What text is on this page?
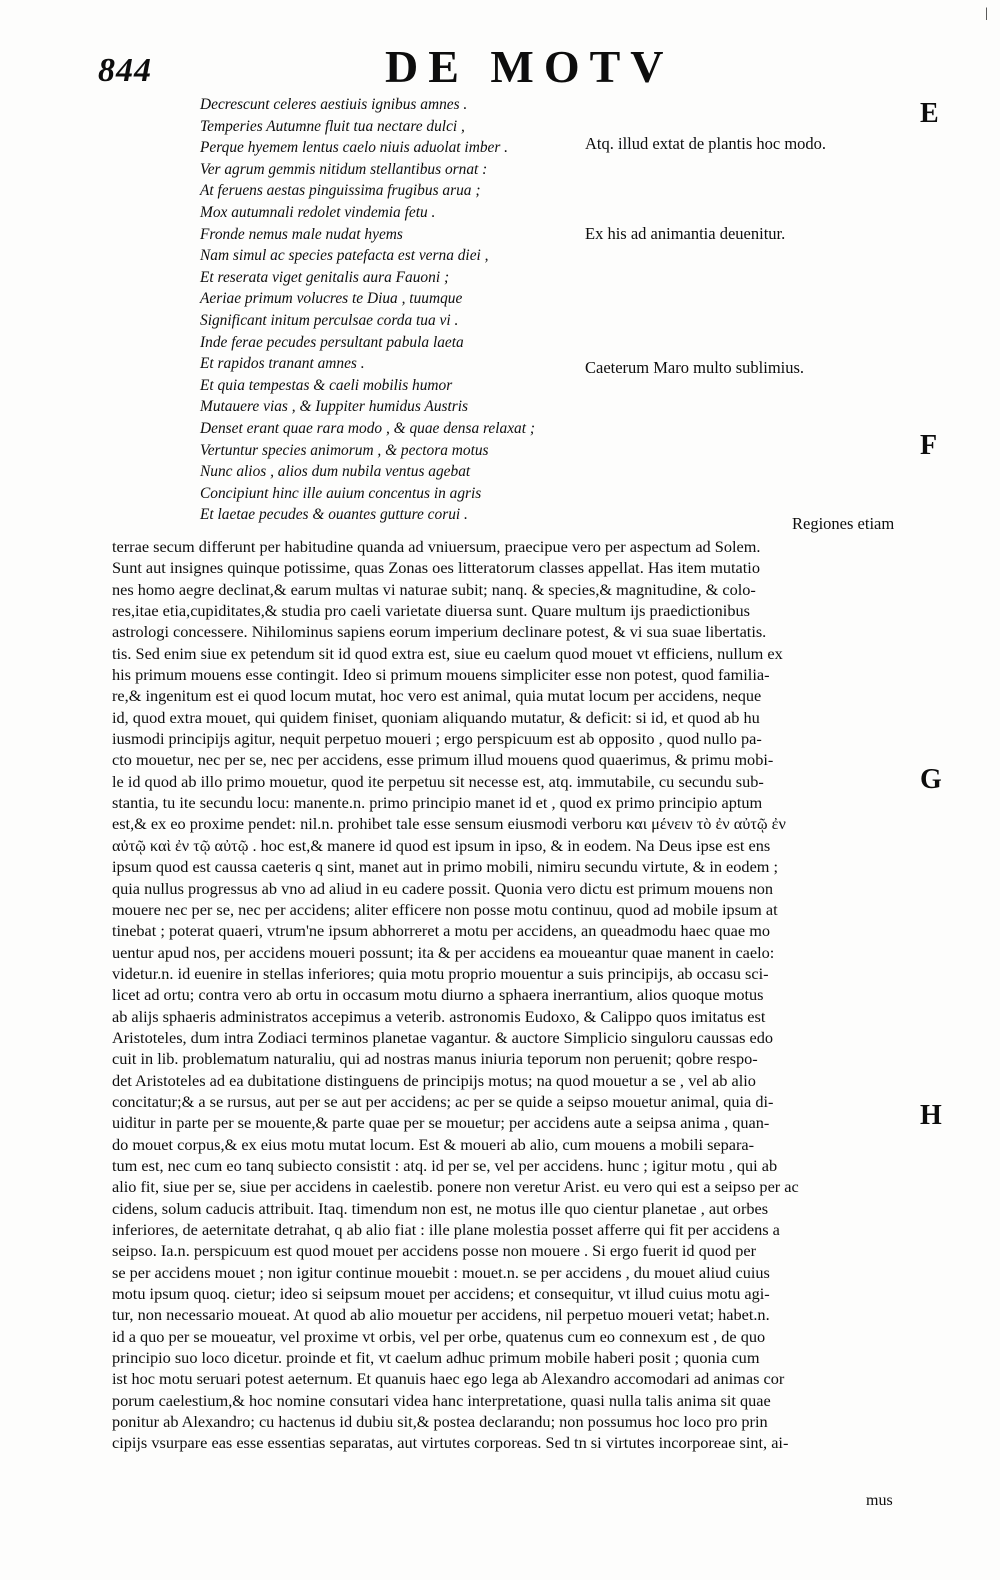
|
844	DE MOTV
Decrescunt celeres aestiuis ignibus amnes .
Temperies Autumne fluit tua nectare dulci ,
Perque hyemem lentus caelo niuis aduolat imber .
Ver agrum gemmis nitidum stellantibus ornat :
At feruens aestas pinguissima frugibus arua ;
Mox autumnali redolet vindemia fetu .
Fronde nemus male nudat hyems
Nam simul ac species patefacta est verna diei ,
Et reserata viget genitalis aura Fauoni ;
Aeriae primum volucres te Diua , tuumque
Significant initum perculsae corda tua vi .
Inde ferae pecudes persultant pabula laeta
Et rapidos tranant amnes .
Et quia tempestas & caeli mobilis humor
Mutauere vias , & Iuppiter humidus Austris
Denset erant quae rara modo , & quae densa relaxat ;
Vertuntur species animorum , & pectora motus
Nunc alios , alios dum nubila ventus agebat
Concipiunt hinc ille auium concentus in agris
Et laetae pecudes & ouantes gutture corui .
Atq. illud extat de plantis hoc modo.
Ex his ad animantia deuenitur.
Caeterum Maro multo sublimius.
E
F
G
H
Regiones etiam
terrae secum differunt per habitudine quanda ad vniuersum, praecipue vero per aspectum ad Solem.
Sunt aut insignes quinque potissime, quas Zonas oes litteratorum classes appellat. Has item mutatio
nes homo aegre declinat,& earum multas vi naturae subit; nanq. & species,& magnitudine, & colo-
res,itae etia,cupiditates,& studia pro caeli varietate diuersa sunt. Quare multum ijs praedictionibus
astrologi concessere. Nihilominus sapiens eorum imperium declinare potest, & vi sua suae libertatis.
tis. Sed enim siue ex petendum sit id quod extra est, siue eu caelum quod mouet vt efficiens, nullum ex
his primum mouens esse contingit. Ideo si primum mouens simpliciter esse non potest, quod familia-
re,& ingenitum est ei quod locum mutat, hoc vero est animal, quia mutat locum per accidens, neque
id, quod extra mouet, qui quidem finiset, quoniam aliquando mutatur, & deficit: si id, et quod ab hu
iusmodi principijs agitur, nequit perpetuo moueri ; ergo perspicuum est ab opposito , quod nullo pa-
cto mouetur, nec per se, nec per accidens, esse primum illud mouens quod quaerimus, & primu mobi-
le id quod ab illo primo mouetur, quod ite perpetuu sit necesse est, atq. immutabile, cu secundu sub-
stantia, tu ite secundu locu: manente.n. primo principio manet id et , quod ex primo principio aptum
est,& ex eo proxime pendet: nil.n. prohibet tale esse sensum eiusmodi verboru και μένειν τὸ ἐν αὐτῷ ἐν
αὐτῷ καὶ ἐν τῷ αὐτῷ . hoc est,& manere id quod est ipsum in ipso, & in eodem. Na Deus ipse est ens
ipsum quod est caussa caeteris q sint, manet aut in primo mobili, nimiru secundu virtute, & in eodem ;
quia nullus progressus ab vno ad aliud in eu cadere possit. Quonia vero dictu est primum mouens non
mouere nec per se, nec per accidens; aliter efficere non posse motu continuu, quod ad mobile ipsum at
tinebat ; poterat quaeri, vtrum'ne ipsum abhorreret a motu per accidens, an queadmodu haec quae mo
uentur apud nos, per accidens moueri possunt; ita & per accidens ea moueantur quae manent in caelo:
videtur.n. id euenire in stellas inferiores; quia motu proprio mouentur a suis principijs, ab occasu sci-
licet ad ortu; contra vero ab ortu in occasum motu diurno a sphaera inerrantium, alios quoque motus
ab alijs sphaeris administratos accepimus a veterib. astronomis Eudoxo, & Calippo quos imitatus est
Aristoteles, dum intra Zodiaci terminos planetae vagantur. & auctore Simplicio singuloru caussas edo
cuit in lib. problematum naturaliu, qui ad nostras manus iniuria teporum non peruenit; qobre respo-
det Aristoteles ad ea dubitatione distinguens de principijs motus; na quod mouetur a se , vel ab alio
concitatur;& a se rursus, aut per se aut per accidens; ac per se quide a seipso mouetur animal, quia di-
uiditur in parte per se mouente,& parte quae per se mouetur; per accidens aute a seipsa anima , quan-
do mouet corpus,& ex eius motu mutat locum. Est & moueri ab alio, cum mouens a mobili separa-
tum est, nec cum eo tanq subiecto consistit : atq. id per se, vel per accidens. hunc ; igitur motu , qui ab
alio fit, siue per se, siue per accidens in caelestib. ponere non veretur Arist. eu vero qui est a seipso per ac
cidens, solum caducis attribuit. Itaq. timendum non est, ne motus ille quo cientur planetae , aut orbes
inferiores, de aeternitate detrahat, q ab alio fiat : ille plane molestia posset afferre qui fit per accidens a
seipso. Ia.n. perspicuum est quod mouet per accidens posse non mouere . Si ergo fuerit id quod per
se per accidens mouet ; non igitur continue mouebit : mouet.n. se per accidens , du mouet aliud cuius
motu ipsum quoq. cietur; ideo si seipsum mouet per accidens; et consequitur, vt illud cuius motu agi-
tur, non necessario moueat. At quod ab alio mouetur per accidens, nil perpetuo moueri vetat; habet.n.
id a quo per se moueatur, vel proxime vt orbis, vel per orbe, quatenus cum eo connexum est , de quo
principio suo loco dicetur. proinde et fit, vt caelum adhuc primum mobile haberi posit ; quonia cum
ist hoc motu seruari potest aeternum. Et quanuis haec ego lega ab Alexandro accomodari ad animas cor
porum caelestium,& hoc nomine consutari videa hanc interpretatione, quasi nulla talis anima sit quae
ponitur ab Alexandro; cu hactenus id dubiu sit,& postea declarandu; non possumus hoc loco pro prin
cipijs vsurpare eas esse essentias separatas, aut virtutes corporeas. Sed tn si virtutes incorporeae sint, ai-
mus
